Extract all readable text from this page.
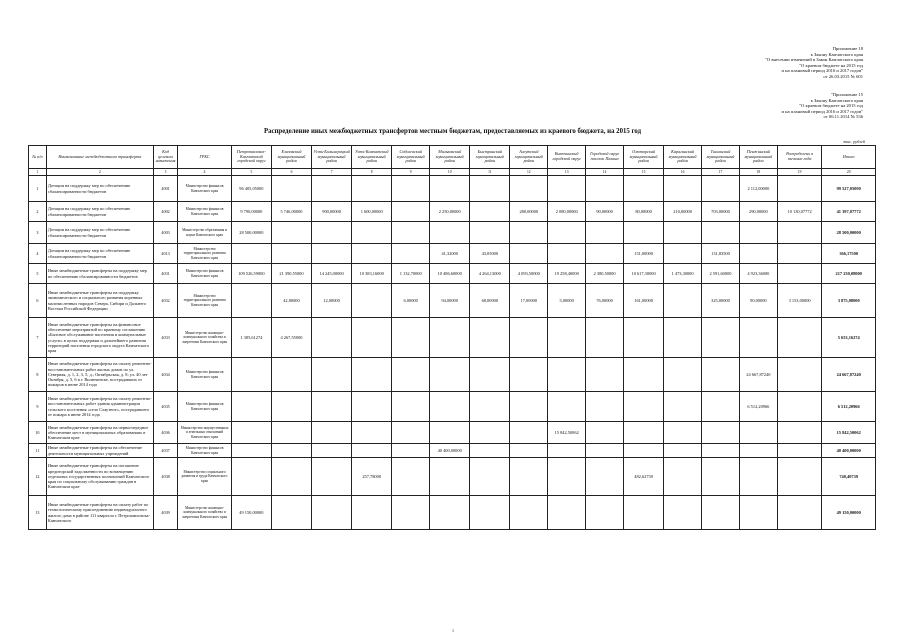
Приложение 18
к Закону Камчатского края
"О внесении изменений в Закон Камчатского края
"О краевом бюджете на 2015 год
и на плановый период 2016 и 2017 годов"
от 26.03.2015 № 601
"Приложение 15
к Закону Камчатского края
"О краевом бюджете на 2015 год
и на плановый период 2016 и 2017 годов"
от 06.11.2014 № 536
Распределение иных межбюджетных трансфертов местным бюджетам, предоставляемых из краевого бюджета, на 2015 год
тыс. рублей
№ п/п	Наименование межбюджетного трансферта	Код целевого назначения	ГРБС	Петропавловск-Камчатский городской округ	Елизовский муниципальный район	Усть-Большерецкий муниципальный район	Усть-Камчатский муниципальный район	Соболевский муниципальный район	Мильковский муниципальный район	Быстринский муниципальный район	Алеутский муниципальный район	Вилючинский городской округ	Городской округ поселок Палана	Олюторский муниципальный район	Карагинский муниципальный район	Тигильский муниципальный район	Пенжинский муниципальный район	Распределено в течение года	Итого
1	2	3	4	5	6	7	8	9	10	11	12	13	14	15	16	17	18	19	20
1	Дотации на поддержку мер по обеспечению сбалансированности бюджетов	4001	Министерство финансов Камчатского края	96 405,05000													2 112,00000		99 527,05000
2	Дотации на поддержку мер по обеспечению сбалансированности бюджетов	4002	Министерство финансов Камчатского края	9 790,00000	5 746,00000	900,00000	1 600,00000		2 250,00000		280,00000	2 080,00000	90,00000	80,00000	210,00000	703,00000	290,00000	10 130,07772	41 397,07772
3	Дотации на поддержку мер по обеспечению сбалансированности бюджетов	4003	Министерство образования и науки Камчатского края	28 500,00000															28 500,00000
4	Дотации на поддержку мер по обеспечению сбалансированности бюджетов	4013	Министерство территориального развития Камчатского края						41,32000	43,05000				151,00000		131,83500			366,17500
5	Иные межбюджетные трансферты на поддержку мер по обеспечению сбалансированности бюджетов	4031	Министерство финансов Камчатского края	109 526,59000	21 390,55000	14 245,00000	10 383,16000	1 132,70000	10 486,60000	4 264,13000	4 093,50000	19 258,40000	2 380,50000	10 617,30000	1 473,30000	2 591,60000	4 923,36000		217 230,08000
6	Иные межбюджетные трансферты на поддержку экономического и социального развития коренных малочисленных народов Севера, Сибири и Дальнего Востока Российской Федерации	4032	Министерство территориального развития Камчатского края		42,80000	12,00000		6,00000	94,00000	68,00000	17,00000	5,00000	76,00000	161,00000		325,00000	90,00000	3 153,00000	3 875,08000
7	Иные межбюджетные трансферты на финансовое обеспечение мероприятий по краевому соглашению «Бытовое обслуживание населения и коммунальные услуги» в целях поддержки и дальнейшего развития территорий населения городского округа Камчатского края	4033	Министерство жилищно-коммунального хозяйства и энергетики Камчатского края	1 385,61274	4 267,55000														5 653,16274
8	Иные межбюджетные трансферты на оплату ремонтно-восстановительных работ жилых домов по ул. Северная, д. 1, 2, 3, 5, д.; Октябрьская, д. 8; ул. 40 лет Октября, д. 5, 6 в г. Вилючинске, пострадавших от пожаров в июне 2014 года	4034	Министерство финансов Камчатского края														24 667,87240		24 667,87240
9	Иные межбюджетные трансферты на оплату ремонтно-восстановительных работ здания администрации сельского поселения «село Слаутное», пострадавшего от пожара в июне 2014 года	4035	Министерство финансов Камчатского края														6 512,20966		6 512,20966
10	Иные межбюджетные трансферты на первоочередное обеспечение мест в муниципальных образованиях в Камчатском крае	4036	Министерство имущественных и земельных отношений Камчатского края									15 842,50062							15 842,50062
11	Иные межбюджетные трансферты на обеспечение деятельности муниципальных учреждений	4037	Министерство финансов Камчатского края						40 400,00000										40 400,00000
12	Иные межбюджетные трансферты на погашение кредиторской задолженности по возмещению отдельных государственных полномочий Камчатского края по социальному обслуживанию граждан в Камчатском крае	4038	Министерство социального развития и труда Камчатского края				257,78000							482,62739					740,40739
13	Иные межбюджетные трансферты на оплату работ по технологическому присоединению индивидуального жилого дома в районе 111 квартала г. Петропавловска-Камчатского	4039	Министерство жилищно-коммунального хозяйства и энергетики Камчатского края	49 150,00000															49 150,00000
1
